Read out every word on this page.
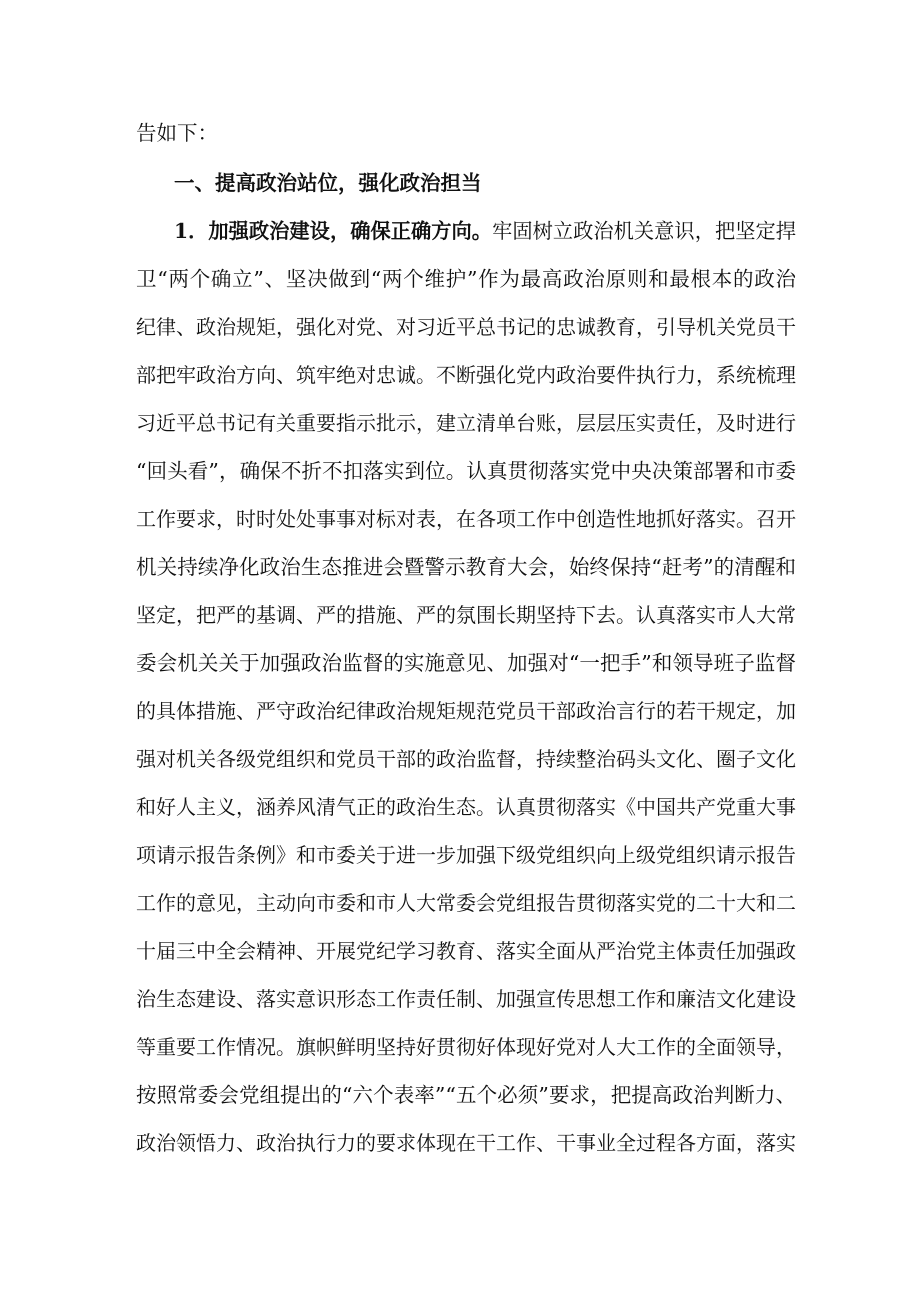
告如下：
一、提高政治站位，强化政治担当
1．加强政治建设，确保正确方向。牢固树立政治机关意识，把坚定捍
卫“两个确立”、坚决做到“两个维护”作为最高政治原则和最根本的政治
纪律、政治规矩，强化对党、对习近平总书记的忠诚教育，引导机关党员干
部把牢政治方向、筑牢绝对忠诚。不断强化党内政治要件执行力，系统梳理
习近平总书记有关重要指示批示，建立清单台账，层层压实责任，及时进行
“回头看”，确保不折不扣落实到位。认真贯彻落实党中央决策部署和市委
工作要求，时时处处事事对标对表，在各项工作中创造性地抓好落实。召开
机关持续净化政治生态推进会暨警示教育大会，始终保持“赶考”的清醒和
坚定，把严的基调、严的措施、严的氛围长期坚持下去。认真落实市人大常
委会机关关于加强政治监督的实施意见、加强对“一把手”和领导班子监督
的具体措施、严守政治纪律政治规矩规范党员干部政治言行的若干规定，加
强对机关各级党组织和党员干部的政治监督，持续整治码头文化、圈子文化
和好人主义，涵养风清气正的政治生态。认真贯彻落实《中国共产党重大事
项请示报告条例》和市委关于进一步加强下级党组织向上级党组织请示报告
工作的意见，主动向市委和市人大常委会党组报告贯彻落实党的二十大和二
十届三中全会精神、开展党纪学习教育、落实全面从严治党主体责任加强政
治生态建设、落实意识形态工作责任制、加强宣传思想工作和廉洁文化建设
等重要工作情况。旗帜鲜明坚持好贯彻好体现好党对人大工作的全面领导，
按照常委会党组提出的“六个表率”“五个必须”要求，把提高政治判断力、
政治领悟力、政治执行力的要求体现在干工作、干事业全过程各方面，落实
